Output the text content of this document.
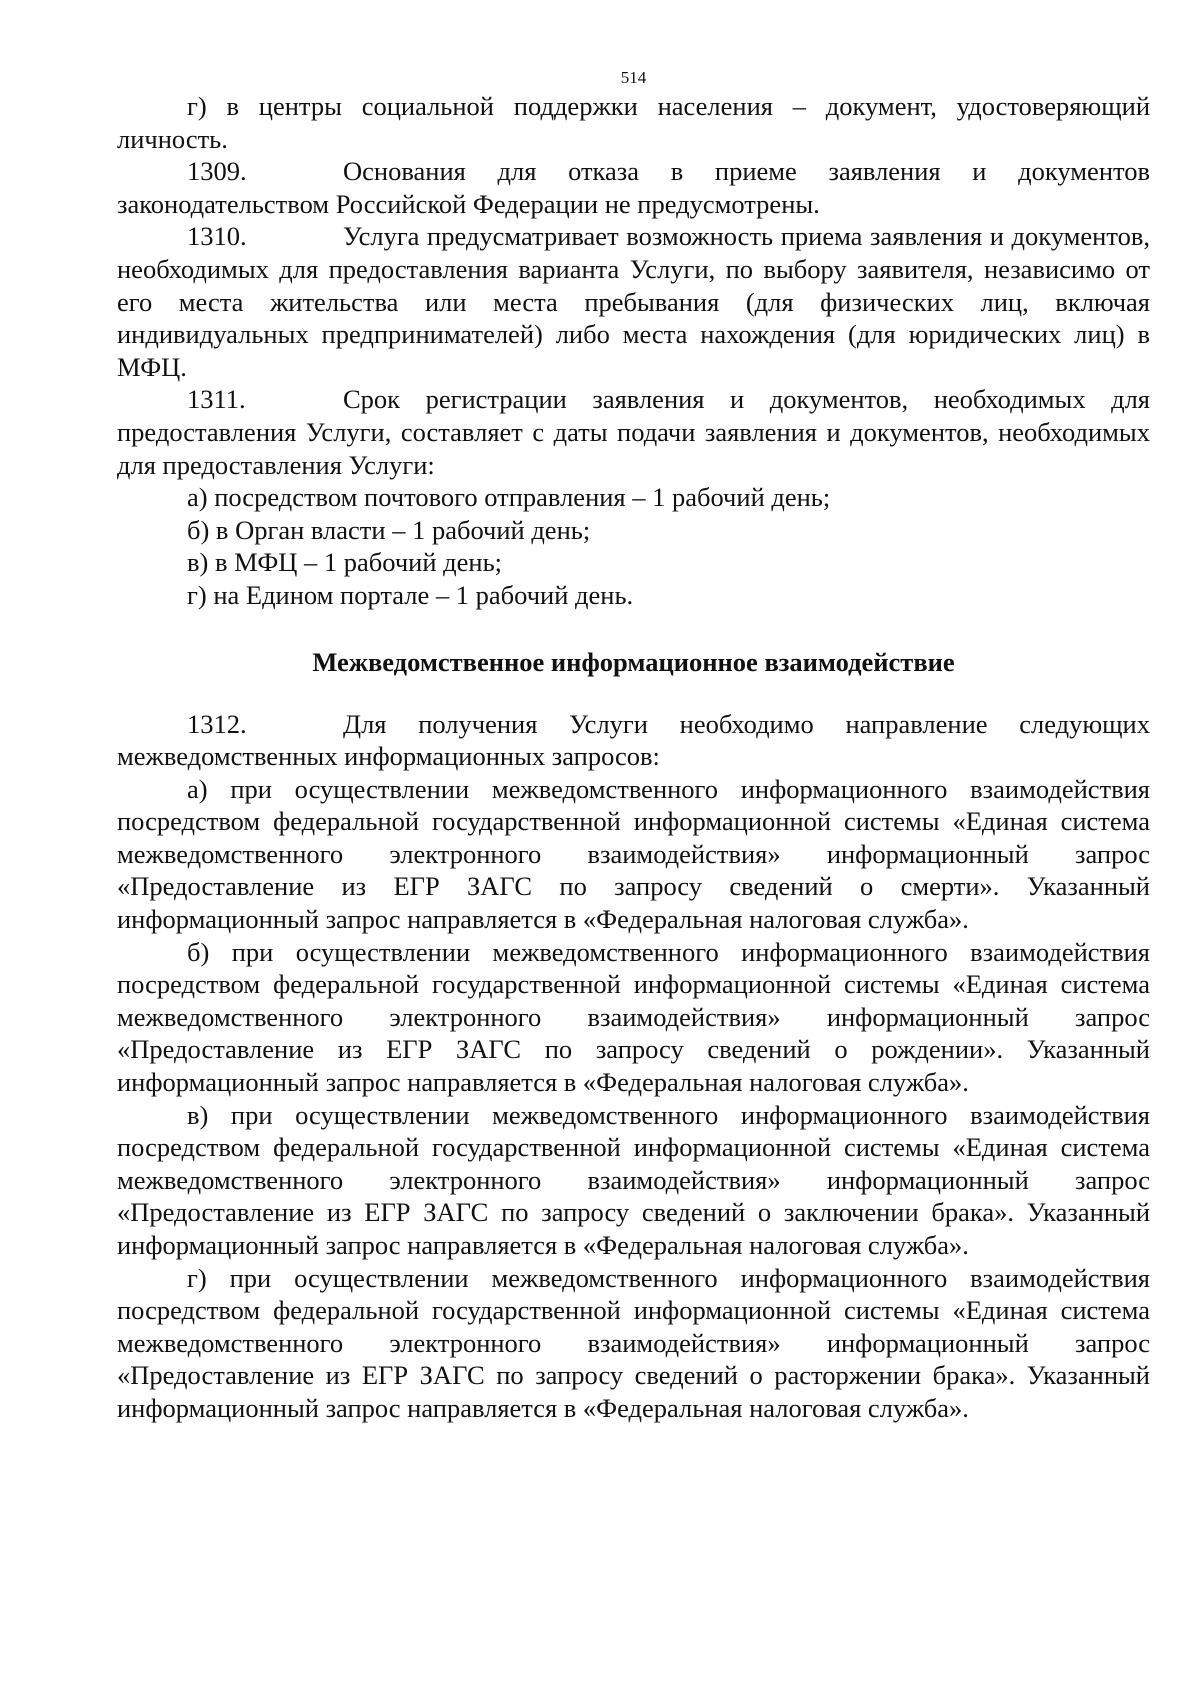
514

г) в центры социальной поддержки населения – документ, удостоверяющий личность.

1309.	Основания для отказа в приеме заявления и документов законодательством Российской Федерации не предусмотрены.

1310.	Услуга предусматривает возможность приема заявления и документов, необходимых для предоставления варианта Услуги, по выбору заявителя, независимо от его места жительства или места пребывания (для физических лиц, включая индивидуальных предпринимателей) либо места нахождения (для юридических лиц) в МФЦ.

1311.	Срок регистрации заявления и документов, необходимых для предоставления Услуги, составляет с даты подачи заявления и документов, необходимых для предоставления Услуги:

а) посредством почтового отправления – 1 рабочий день;

б) в Орган власти – 1 рабочий день;

в) в МФЦ – 1 рабочий день;

г) на Едином портале – 1 рабочий день.

Межведомственное информационное взаимодействие

1312.	Для получения Услуги необходимо направление следующих межведомственных информационных запросов:

а) при осуществлении межведомственного информационного взаимодействия посредством федеральной государственной информационной системы «Единая система межведомственного электронного взаимодействия» информационный запрос «Предоставление из ЕГР ЗАГС по запросу сведений о смерти». Указанный информационный запрос направляется в «Федеральная налоговая служба».

б) при осуществлении межведомственного информационного взаимодействия посредством федеральной государственной информационной системы «Единая система межведомственного электронного взаимодействия» информационный запрос «Предоставление из ЕГР ЗАГС по запросу сведений о рождении». Указанный информационный запрос направляется в «Федеральная налоговая служба».

в) при осуществлении межведомственного информационного взаимодействия посредством федеральной государственной информационной системы «Единая система межведомственного электронного взаимодействия» информационный запрос «Предоставление из ЕГР ЗАГС по запросу сведений о заключении брака». Указанный информационный запрос направляется в «Федеральная налоговая служба».

г) при осуществлении межведомственного информационного взаимодействия посредством федеральной государственной информационной системы «Единая система межведомственного электронного взаимодействия» информационный запрос «Предоставление из ЕГР ЗАГС по запросу сведений о расторжении брака». Указанный информационный запрос направляется в «Федеральная налоговая служба».
